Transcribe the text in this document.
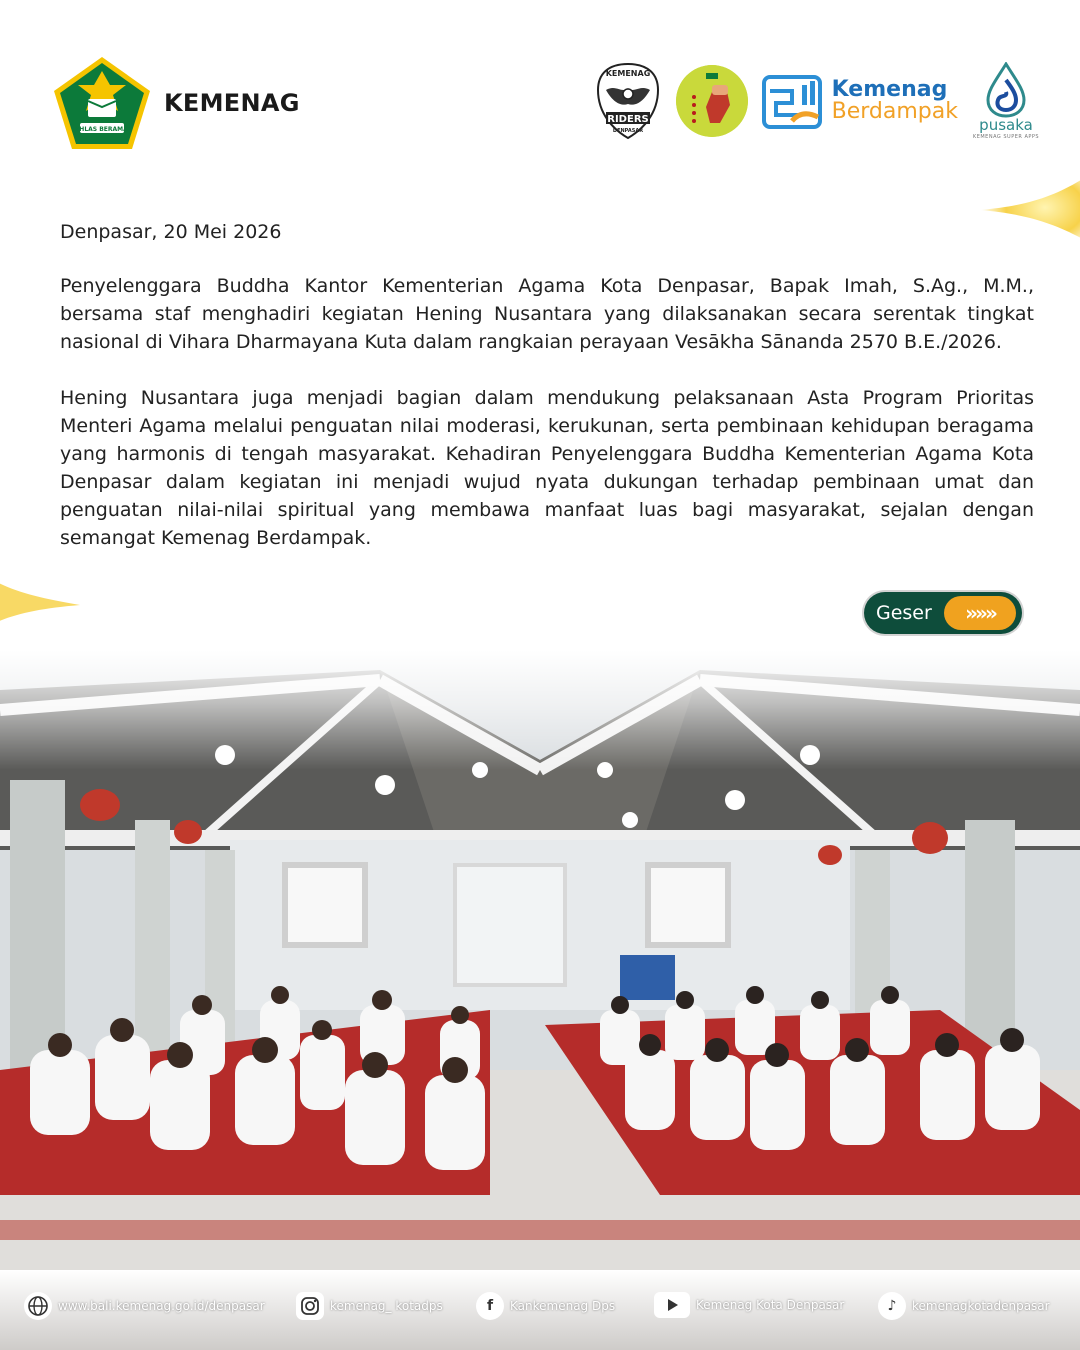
IKHLAS BERAMAL
KEMENAG
KEMENAG
RIDERS
DENPASAR
Kemenag
Berdampak
pusaka
KEMENAG SUPER APPS

Denpasar, 20 Mei 2026

Penyelenggara Buddha Kantor Kementerian Agama Kota Denpasar, Bapak Imah, S.Ag., M.M., bersama staf menghadiri kegiatan Hening Nusantara yang dilaksanakan secara serentak tingkat nasional di Vihara Dharmayana Kuta dalam rangkaian perayaan Vesākha Sānanda 2570 B.E./2026.

Hening Nusantara juga menjadi bagian dalam mendukung pelaksanaan Asta Program Prioritas Menteri Agama melalui penguatan nilai moderasi, kerukunan, serta pembinaan kehidupan beragama yang harmonis di tengah masyarakat. Kehadiran Penyelenggara Buddha Kementerian Agama Kota Denpasar dalam kegiatan ini menjadi wujud nyata dukungan terhadap pembinaan umat dan penguatan nilai-nilai spiritual yang membawa manfaat luas bagi masyarakat, sejalan dengan semangat Kemenag Berdampak.

Geser	»»»
www.bali.kemenag.go.id/denpasar	kemenag_ kotadps	f	Kankemenag Dps	Kemenag Kota Denpasar	♪	kemenagkotadenpasar
